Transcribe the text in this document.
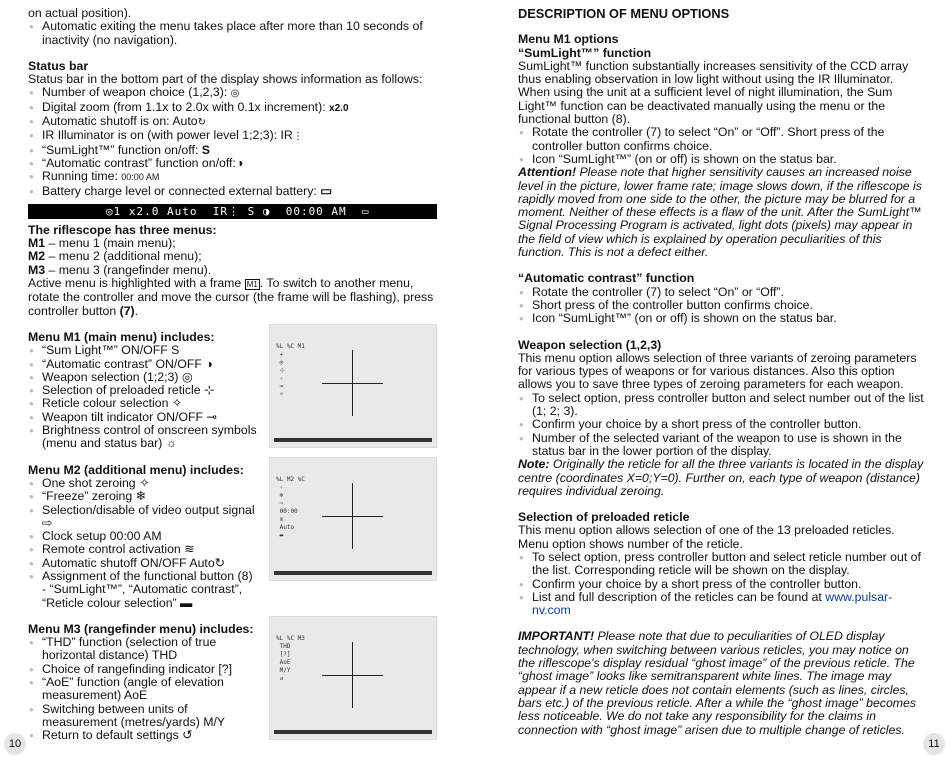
on actual position).

● Automatic exiting the menu takes place after more than 10 seconds of inactivity (no navigation).

Status bar

Status bar in the bottom part of the display shows information as follows:

● Number of weapon choice (1,2,3): ◎

● Digital zoom (from 1.1x to 2.0x with 0.1x increment): x2.0

● Automatic shutoff is on: Auto↻

● IR Illuminator is on (with power level 1;2;3): IR⋮

● “SumLight™” function on/off: S

● “Automatic contrast” function on/off:◑

● Running time: 00:00 AM

● Battery charge level or connected external battery: ▭

◎1 x2.0 Auto  IR⋮ S ◑  00:00 AM  ▭

The riflescope has three menus:

M1 – menu 1 (main menu);

M2 – menu 2 (additional menu);

M3 – menu 3 (rangefinder menu).

Active menu is highlighted with a frame M1 . To switch to another menu, rotate the controller and move the cursor (the frame will be flashing), press controller button (7).

%L %C M1
✦
◎
⊹
✧
⊸
☼

Menu M1 (main menu) includes:

● “Sum Light™” ON/OFF S

● “Automatic contrast” ON/OFF ◑

● Weapon selection (1;2;3) ◎

● Selection of preloaded reticle ⊹

● Reticle colour selection ✧

● Weapon tilt indicator ON/OFF ⊸

● Brightness control of onscreen symbols (menu and status bar) ☼

%L M2 %C
✧
❄
⇨
00:00
≋
Auto
▬

Menu M2 (additional menu) includes:

● One shot zeroing ✧

● “Freeze” zeroing ❄

● Selection/disable of video output signal ⇨

● Clock setup 00:00 AM

● Remote control activation ≋

● Automatic shutoff ON/OFF Auto↻

● Assignment of the functional button (8) - “SumLight™”, “Automatic contrast”, “Reticle colour selection” ▬

%L %C M3
THD
[?]
AoE
M/Y
↺

Menu M3 (rangefinder menu) includes:

● “THD” function (selection of true horizontal distance) THD

● Choice of rangefinding indicator [?]

● “AoE” function (angle of elevation measurement) AoE

● Switching between units of measurement (metres/yards) M/Y

● Return to default settings ↺

10

DESCRIPTION OF MENU OPTIONS

Menu M1 options

“SumLight™” function

SumLight™ function substantially increases sensitivity of the CCD array thus enabling observation in low light without using the IR Illuminator. When using the unit at a sufficient level of night illumination, the Sum Light™ function can be deactivated manually using the menu or the functional button (8).

● Rotate the controller (7) to select “On” or “Off”. Short press of the controller button confirms choice.

● Icon “SumLight™” (on or off) is shown on the status bar.

Attention! Please note that higher sensitivity causes an increased noise level in the picture, lower frame rate; image slows down, if the riflescope is rapidly moved from one side to the other, the picture may be blurred for a moment. Neither of these effects is a flaw of the unit. After the SumLight™ Signal Processing Program is activated, light dots (pixels) may appear in the field of view which is explained by operation peculiarities of this function. This is not a defect either.

“Automatic contrast” function

● Rotate the controller (7) to select “On” or “Off”.

● Short press of the controller button confirms choice.

● Icon “SumLight™” (on or off) is shown on the status bar.

Weapon selection (1,2,3)

This menu option allows selection of three variants of zeroing parameters for various types of weapons or for various distances. Also this option allows you to save three types of zeroing parameters for each weapon.

● To select option, press controller button and select number out of the list (1; 2; 3).

● Confirm your choice by a short press of the controller button.

● Number of the selected variant of the weapon to use is shown in the status bar in the lower portion of the display.

Note: Originally the reticle for all the three variants is located in the display centre (coordinates X=0;Y=0). Further on, each type of weapon (distance) requires individual zeroing.

Selection of preloaded reticle

This menu option allows selection of one of the 13 preloaded reticles. Menu option shows number of the reticle.

● To select option, press controller button and select reticle number out of the list. Corresponding reticle will be shown on the display.

● Confirm your choice by a short press of the controller button.

● List and full description of the reticles can be found at www.pulsar-nv.com

IMPORTANT! Please note that due to peculiarities of OLED display technology, when switching between various reticles, you may notice on the riflescope's display residual “ghost image” of the previous reticle. The “ghost image” looks like semitransparent white lines. The image may appear if a new reticle does not contain elements (such as lines, circles, bars etc.) of the previous reticle. After a while the “ghost image” becomes less noticeable. We do not take any responsibility for the claims in connection with “ghost image” arisen due to multiple change of reticles.

11
